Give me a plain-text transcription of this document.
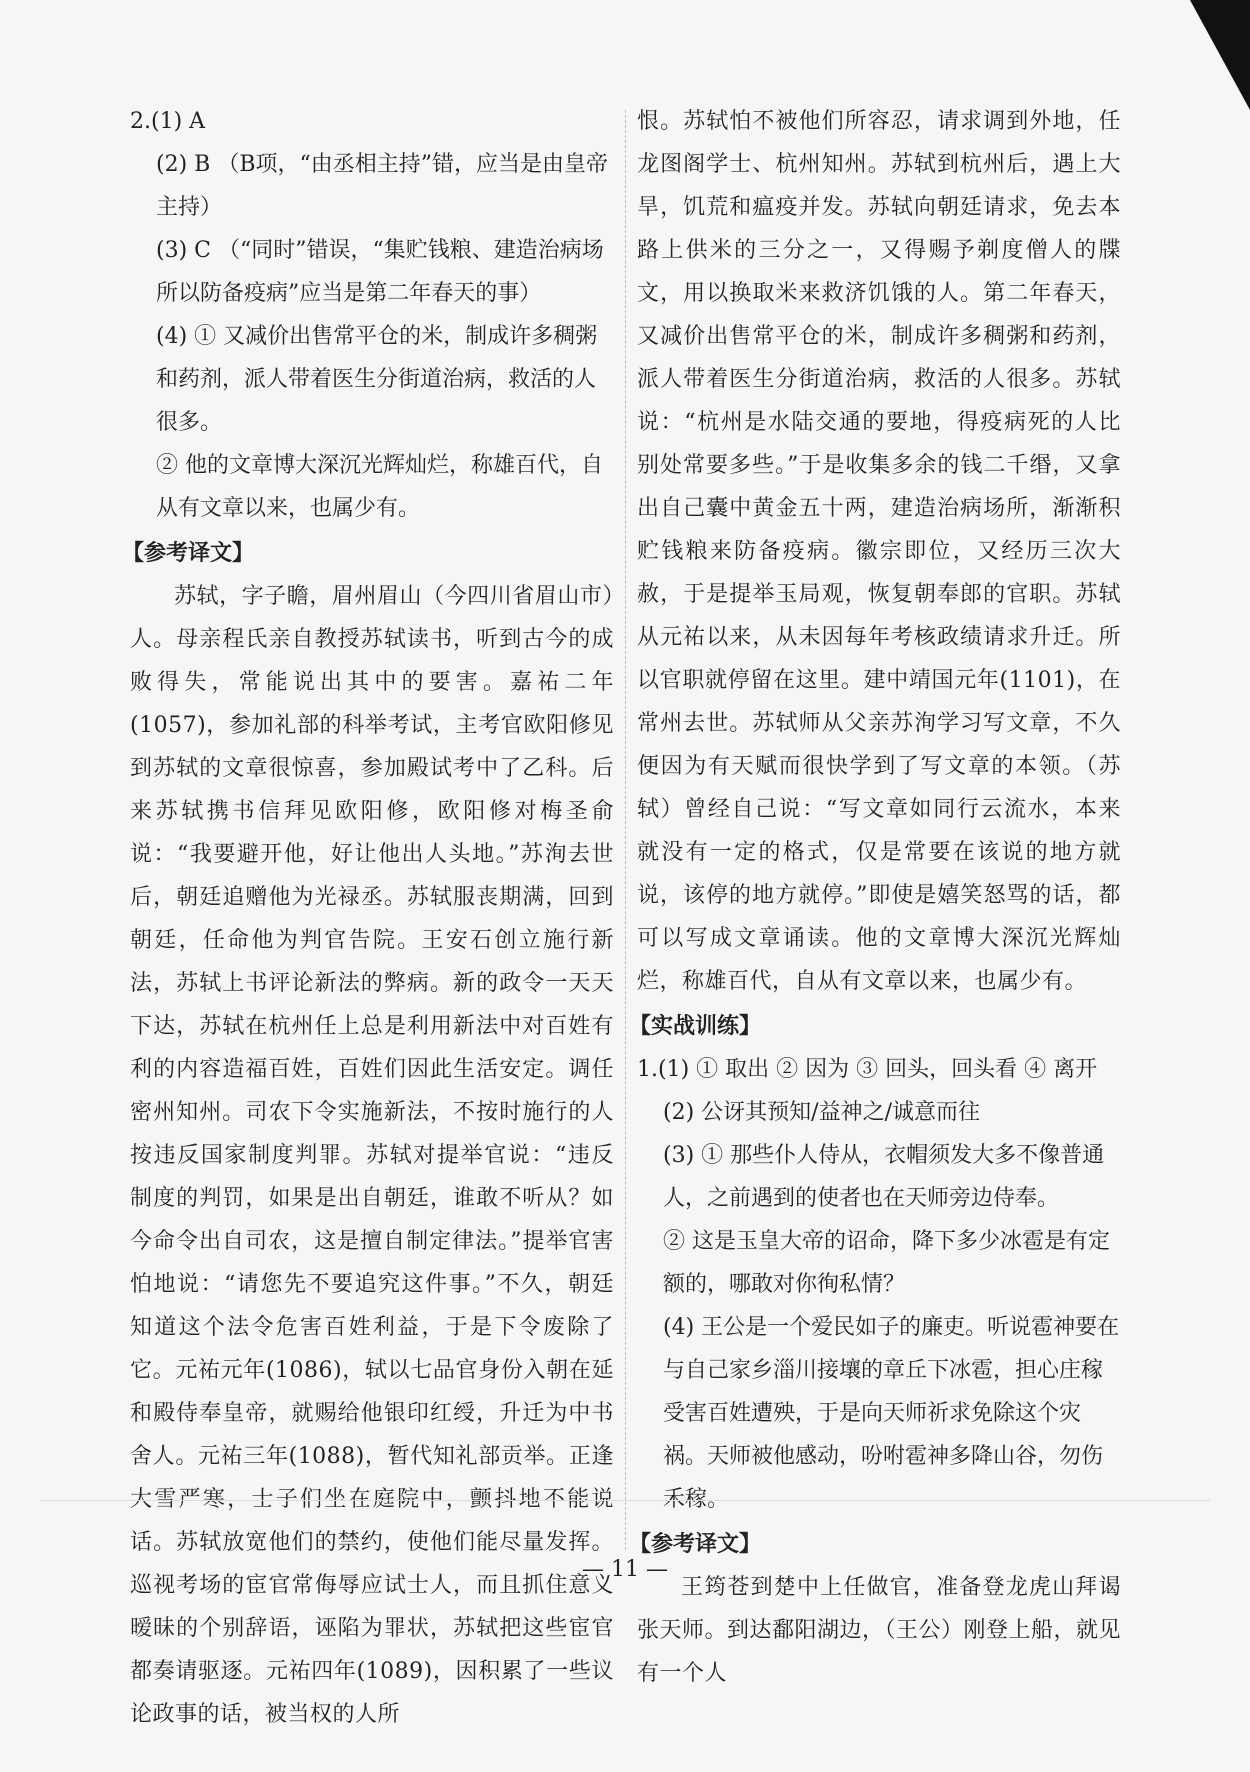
2.(1) A

(2) B （B项，“由丞相主持”错，应当是由皇帝主持）

(3) C （“同时”错误，“集贮钱粮、建造治病场所以防备疫病”应当是第二年春天的事）

(4) ① 又减价出售常平仓的米，制成许多稠粥和药剂，派人带着医生分街道治病，救活的人很多。

② 他的文章博大深沉光辉灿烂，称雄百代，自从有文章以来，也属少有。

【参考译文】

苏轼，字子瞻，眉州眉山（今四川省眉山市）人。母亲程氏亲自教授苏轼读书，听到古今的成败得失，常能说出其中的要害。嘉祐二年(1057)，参加礼部的科举考试，主考官欧阳修见到苏轼的文章很惊喜，参加殿试考中了乙科。后来苏轼携书信拜见欧阳修，欧阳修对梅圣俞说：“我要避开他，好让他出人头地。”苏洵去世后，朝廷追赠他为光禄丞。苏轼服丧期满，回到朝廷，任命他为判官告院。王安石创立施行新法，苏轼上书评论新法的弊病。新的政令一天天下达，苏轼在杭州任上总是利用新法中对百姓有利的内容造福百姓，百姓们因此生活安定。调任密州知州。司农下令实施新法，不按时施行的人按违反国家制度判罪。苏轼对提举官说：“违反制度的判罚，如果是出自朝廷，谁敢不听从？如今命令出自司农，这是擅自制定律法。”提举官害怕地说：“请您先不要追究这件事。”不久，朝廷知道这个法令危害百姓利益，于是下令废除了它。元祐元年(1086)，轼以七品官身份入朝在延和殿侍奉皇帝，就赐给他银印红绶，升迁为中书舍人。元祐三年(1088)，暂代知礼部贡举。正逢大雪严寒，士子们坐在庭院中，颤抖地不能说话。苏轼放宽他们的禁约，使他们能尽量发挥。巡视考场的宦官常侮辱应试士人，而且抓住意义暧昧的个别辞语，诬陷为罪状，苏轼把这些宦官都奏请驱逐。元祐四年(1089)，因积累了一些议论政事的话，被当权的人所

恨。苏轼怕不被他们所容忍，请求调到外地，任龙图阁学士、杭州知州。苏轼到杭州后，遇上大旱，饥荒和瘟疫并发。苏轼向朝廷请求，免去本路上供米的三分之一，又得赐予剃度僧人的牒文，用以换取米来救济饥饿的人。第二年春天，又减价出售常平仓的米，制成许多稠粥和药剂，派人带着医生分街道治病，救活的人很多。苏轼说：“杭州是水陆交通的要地，得疫病死的人比别处常要多些。”于是收集多余的钱二千缗，又拿出自己囊中黄金五十两，建造治病场所，渐渐积贮钱粮来防备疫病。徽宗即位，又经历三次大赦，于是提举玉局观，恢复朝奉郎的官职。苏轼从元祐以来，从未因每年考核政绩请求升迁。所以官职就停留在这里。建中靖国元年(1101)，在常州去世。苏轼师从父亲苏洵学习写文章，不久便因为有天赋而很快学到了写文章的本领。（苏轼）曾经自己说：“写文章如同行云流水，本来就没有一定的格式，仅是常要在该说的地方就说，该停的地方就停。”即使是嬉笑怒骂的话，都可以写成文章诵读。他的文章博大深沉光辉灿烂，称雄百代，自从有文章以来，也属少有。

【实战训练】

1.(1) ① 取出 ② 因为 ③ 回头，回头看 ④ 离开

(2) 公讶其预知/益神之/诚意而往

(3) ① 那些仆人侍从，衣帽须发大多不像普通人，之前遇到的使者也在天师旁边侍奉。

② 这是玉皇大帝的诏命，降下多少冰雹是有定额的，哪敢对你徇私情？

(4) 王公是一个爱民如子的廉吏。听说雹神要在与自己家乡淄川接壤的章丘下冰雹，担心庄稼受害百姓遭殃，于是向天师祈求免除这个灾祸。天师被他感动，吩咐雹神多降山谷，勿伤禾稼。

【参考译文】

王筠苍到楚中上任做官，准备登龙虎山拜谒张天师。到达鄱阳湖边，（王公）刚登上船，就见有一个人

— 11 —
